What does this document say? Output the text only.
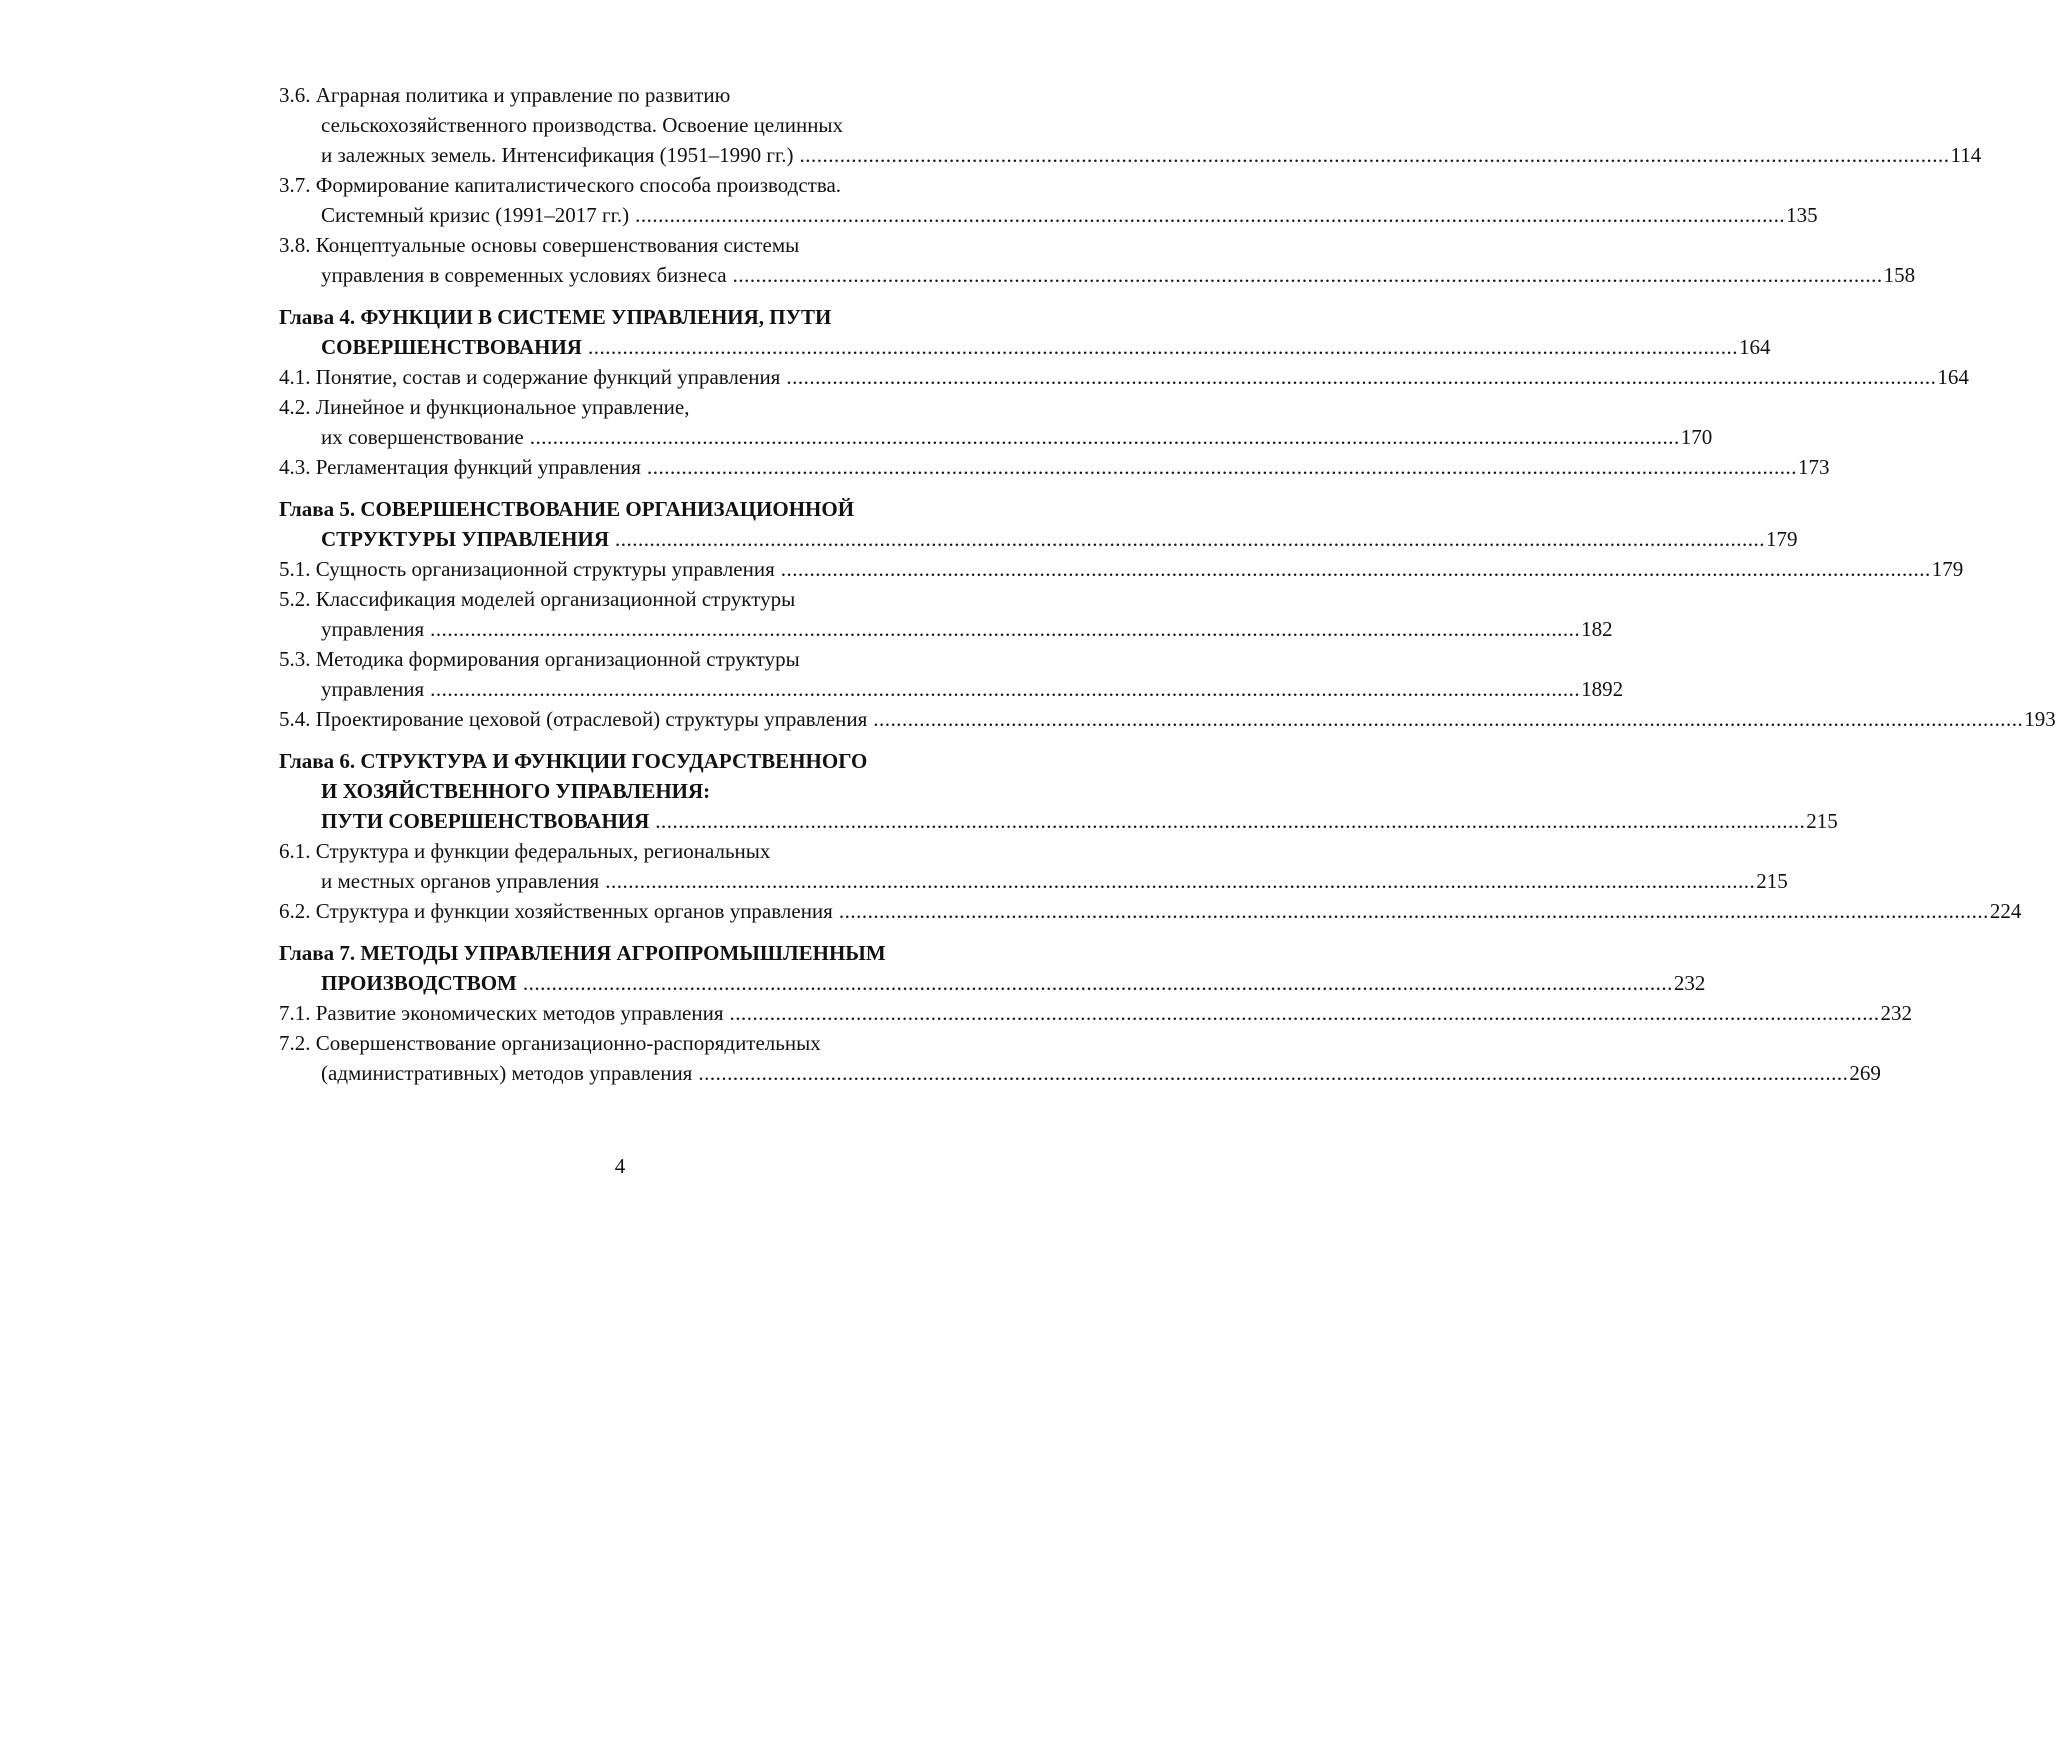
3.6. Аграрная политика и управление по развитию
сельскохозяйственного производства. Освоение целинных
и залежных земель. Интенсификация (1951–1990 гг.) ........................................................................................................................................................................................................ 114
3.7. Формирование капиталистического способа производства.
Системный кризис (1991–2017 гг.) ........................................................................................................................................................................................................ 135
3.8. Концептуальные основы совершенствования системы
управления в современных условиях бизнеса ........................................................................................................................................................................................................ 158
Глава 4. ФУНКЦИИ В СИСТЕМЕ УПРАВЛЕНИЯ, ПУТИ
СОВЕРШЕНСТВОВАНИЯ ........................................................................................................................................................................................................ 164
4.1. Понятие, состав и содержание функций управления ........................................................................................................................................................................................................ 164
4.2. Линейное и функциональное управление,
их совершенствование ........................................................................................................................................................................................................ 170
4.3. Регламентация функций управления ........................................................................................................................................................................................................ 173
Глава 5. СОВЕРШЕНСТВОВАНИЕ ОРГАНИЗАЦИОННОЙ
СТРУКТУРЫ УПРАВЛЕНИЯ ........................................................................................................................................................................................................ 179
5.1. Сущность организационной структуры управления ........................................................................................................................................................................................................ 179
5.2. Классификация моделей организационной структуры
управления ........................................................................................................................................................................................................ 182
5.3. Методика формирования организационной структуры
управления ........................................................................................................................................................................................................ 1892
5.4. Проектирование цеховой (отраслевой) структуры управления ........................................................................................................................................................................................................ 193
Глава 6. СТРУКТУРА И ФУНКЦИИ ГОСУДАРСТВЕННОГО
И ХОЗЯЙСТВЕННОГО УПРАВЛЕНИЯ:
ПУТИ СОВЕРШЕНСТВОВАНИЯ ........................................................................................................................................................................................................ 215
6.1. Структура и функции федеральных, региональных
и местных органов управления ........................................................................................................................................................................................................ 215
6.2. Структура и функции хозяйственных органов управления ........................................................................................................................................................................................................ 224
Глава 7. МЕТОДЫ УПРАВЛЕНИЯ АГРОПРОМЫШЛЕННЫМ
ПРОИЗВОДСТВОМ ........................................................................................................................................................................................................ 232
7.1. Развитие экономических методов управления ........................................................................................................................................................................................................ 232
7.2. Совершенствование организационно-распорядительных
(административных) методов управления ........................................................................................................................................................................................................ 269
4
